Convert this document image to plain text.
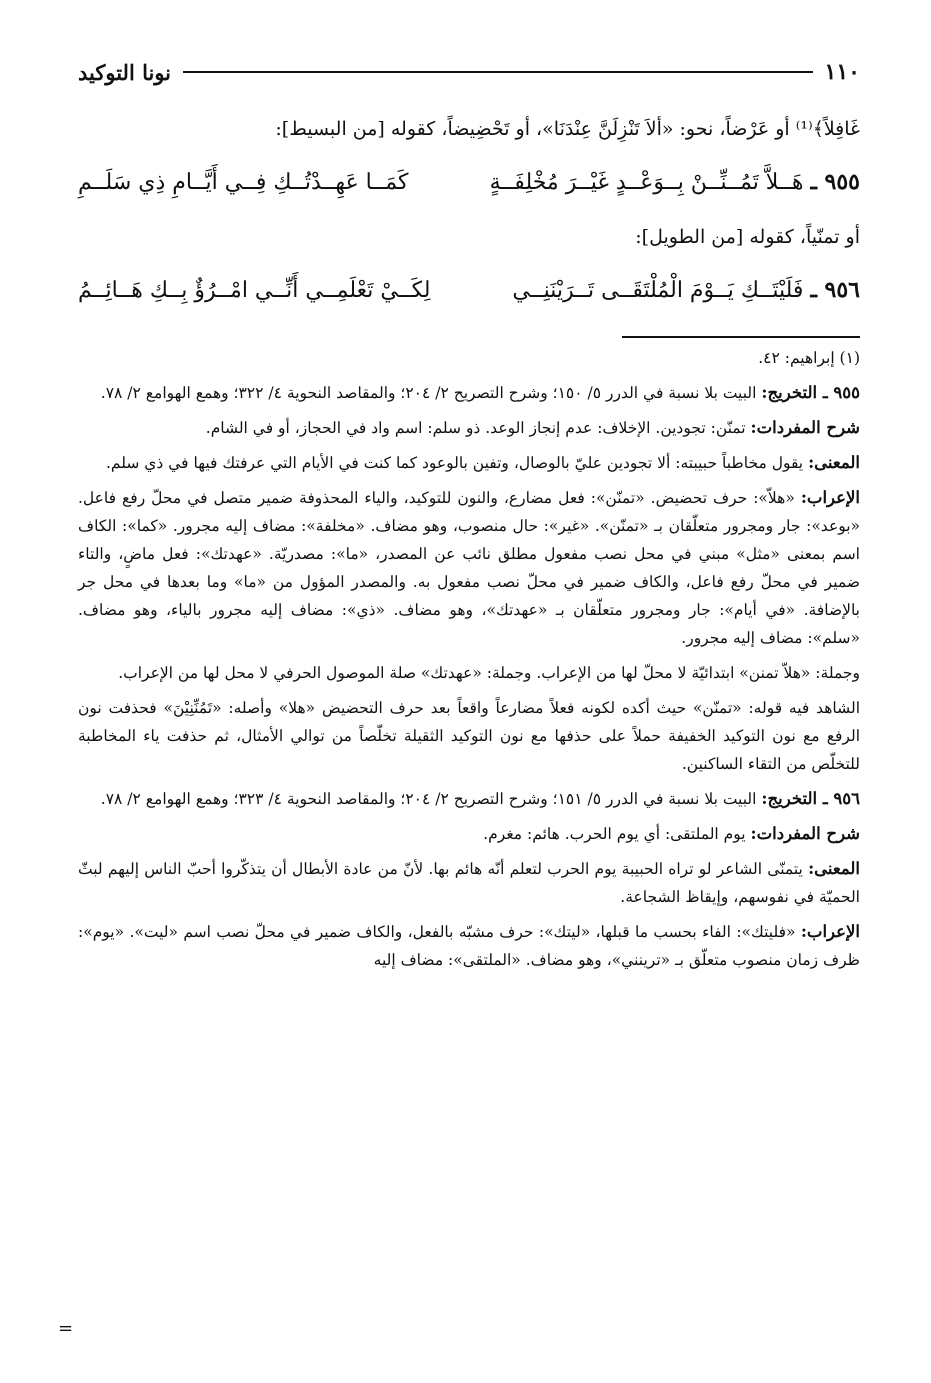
١١٠
نونا التوكيد
غَافِلاً﴾⁽¹⁾ أو عَرْضاً، نحو: «ألاَ تَنْزِلَنَّ عِنْدَنَا»، أو تَحْضِيضاً، كقوله [من البسيط]:
٩٥٥ ـ هَــلاَّ تَمُــنِّــنْ بِــوَعْــدٍ غَيْــرَ مُخْلِفَــةٍ
كَمَــا عَهِــدْتُــكِ فِــي أَيَّــامِ ذِي سَلَــمِ
أو تمنّياً، كقوله [من الطويل]:
٩٥٦ ـ فَلَيْتَــكِ يَــوْمَ الْمُلْتَقَــى تَــرَيْنَنِــي
لِكَــيْ تَعْلَمِــي أَنِّــي امْــرُؤٌ بِــكِ هَــائِــمُ

(١) إبراهيم: ٤٢.

٩٥٥ ـ التخريج: البيت بلا نسبة في الدرر ٥/ ١٥٠؛ وشرح التصريح ٢/ ٢٠٤؛ والمقاصد النحوية ٤/ ٣٢٢؛ وهمع الهوامع ٢/ ٧٨.

شرح المفردات: تمنّن: تجودين. الإخلاف: عدم إنجاز الوعد. ذو سلم: اسم واد في الحجاز، أو في الشام.

المعنى: يقول مخاطباً حبيبته: ألا تجودين عليّ بالوصال، وتفين بالوعود كما كنت في الأيام التي عرفتك فيها في ذي سلم.

الإعراب: «هلاّ»: حرف تحضيض. «تمنّن»: فعل مضارع، والنون للتوكيد، والياء المحذوفة ضمير متصل في محلّ رفع فاعل. «بوعد»: جار ومجرور متعلّقان بـ «تمنّن». «غير»: حال منصوب، وهو مضاف. «مخلفة»: مضاف إليه مجرور. «كما»: الكاف اسم بمعنى «مثل» مبني في محل نصب مفعول مطلق نائب عن المصدر، «ما»: مصدريّة. «عهدتك»: فعل ماضٍ، والتاء ضمير في محلّ رفع فاعل، والكاف ضمير في محلّ نصب مفعول به. والمصدر المؤول من «ما» وما بعدها في محل جر بالإضافة. «في أيام»: جار ومجرور متعلّقان بـ «عهدتك»، وهو مضاف. «ذي»: مضاف إليه مجرور بالياء، وهو مضاف. «سلم»: مضاف إليه مجرور.

وجملة: «هلاّ تمنن» ابتدائيّة لا محلّ لها من الإعراب. وجملة: «عهدتك» صلة الموصول الحرفي لا محل لها من الإعراب.

الشاهد فيه قوله: «تمنّن» حيث أكده لكونه فعلاً مضارعاً واقعاً بعد حرف التحضيض «هلا» وأصله: «تَمُنِّنِيْنَ» فحذفت نون الرفع مع نون التوكيد الخفيفة حملاً على حذفها مع نون التوكيد الثقيلة تخلّصاً من توالي الأمثال، ثم حذفت ياء المخاطبة للتخلّص من التقاء الساكنين.

٩٥٦ ـ التخريج: البيت بلا نسبة في الدرر ٥/ ١٥١؛ وشرح التصريح ٢/ ٢٠٤؛ والمقاصد النحوية ٤/ ٣٢٣؛ وهمع الهوامع ٢/ ٧٨.

شرح المفردات: يوم الملتقى: أي يوم الحرب. هائم: مغرم.

المعنى: يتمنّى الشاعر لو تراه الحبيبة يوم الحرب لتعلم أنّه هائم بها. لأنّ من عادة الأبطال أن يتذكّروا أحبّ الناس إليهم لبثّ الحميّة في نفوسهم، وإيقاظ الشجاعة.

الإعراب: «فليتك»: الفاء بحسب ما قبلها، «ليتك»: حرف مشبّه بالفعل، والكاف ضمير في محلّ نصب اسم «ليت». «يوم»: ظرف زمان منصوب متعلّق بـ «ترينني»، وهو مضاف. «الملتقى»: مضاف إليه

=
